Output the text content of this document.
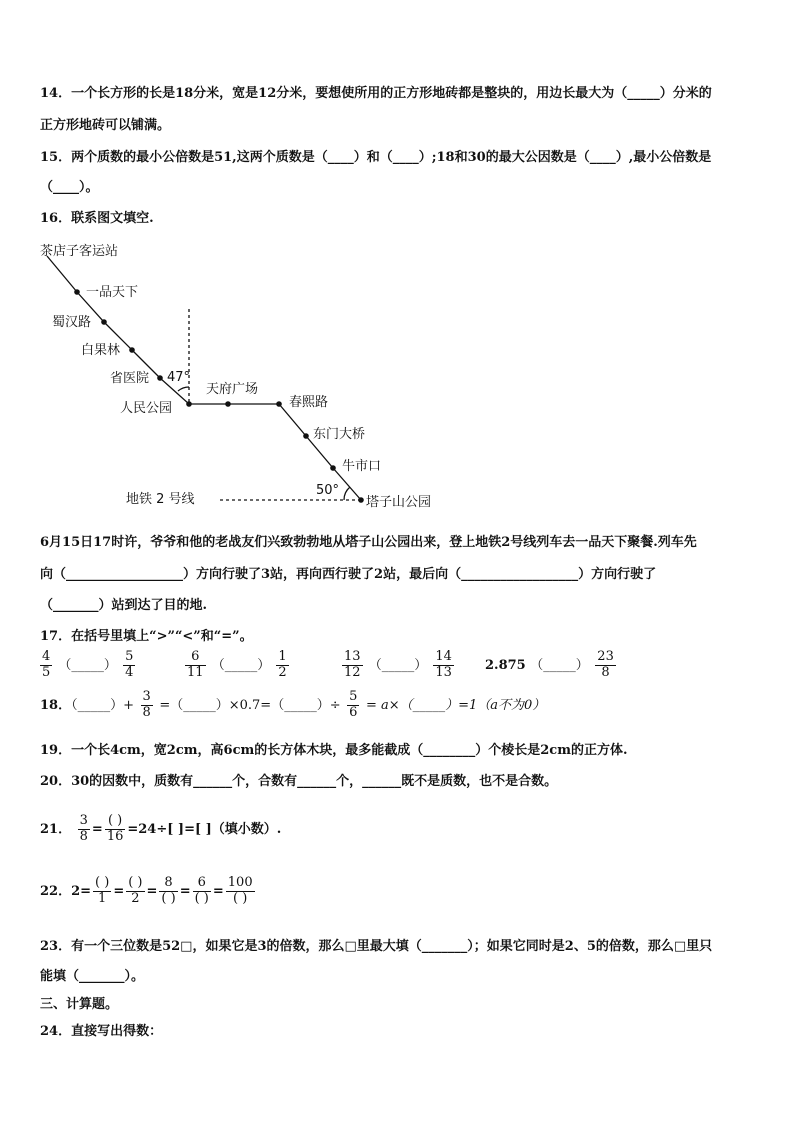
14．一个长方形的长是18分米，宽是12分米，要想使所用的正方形地砖都是整块的，用边长最大为（_____）分米的
正方形地砖可以铺满。
15．两个质数的最小公倍数是51,这两个质数是（____）和（____）;18和30的最大公因数是（____）,最小公倍数是
（____）。
16．联系图文填空.
茶店子客运站
一品天下
蜀汉路
白果林
省医院
人民公园
天府广场
春熙路
东门大桥
牛市口
塔子山公园
47°
50°
地铁 2 号线
6月15日17时许，爷爷和他的老战友们兴致勃勃地从塔子山公园出来，登上地铁2号线列车去一品天下聚餐.列车先
向（__________________）方向行驶了3站，再向西行驶了2站，最后向（__________________）方向行驶了
（_______）站到达了目的地.
17．在括号里填上“>”“<”和“=”。
$\frac{4}{5}$ （_____） $\frac{5}{4}$	$\frac{6}{11}$ （_____） $\frac{1}{2}$	$\frac{13}{12}$ （_____） $\frac{14}{13} 2.875$ （_____） $\frac{23}{8}$
18．（_____）+ $\frac{3}{8}$ =（_____）×0.7=（_____）÷ $\frac{5}{6}$ = a×（_____）=1（a不为0）
19．一个长4cm，宽2cm，高6cm的长方体木块，最多能截成（________）个棱长是2cm的正方体.
20．30的因数中，质数有______个，合数有______个，______既不是质数，也不是合数。
21． $\frac{3}{8} = \frac{( )}{16} =24\div$[ ]=[ ]（填小数）.
22．$2= \frac{( )}{1} = \frac{( )}{2} = \frac{8}{( )} = \frac{6}{( )} = \frac{100}{( )}$
23．有一个三位数是52□，如果它是3的倍数，那么□里最大填（_______）；如果它同时是2、5的倍数，那么□里只
能填（_______）。
三、计算题。
24．直接写出得数：
